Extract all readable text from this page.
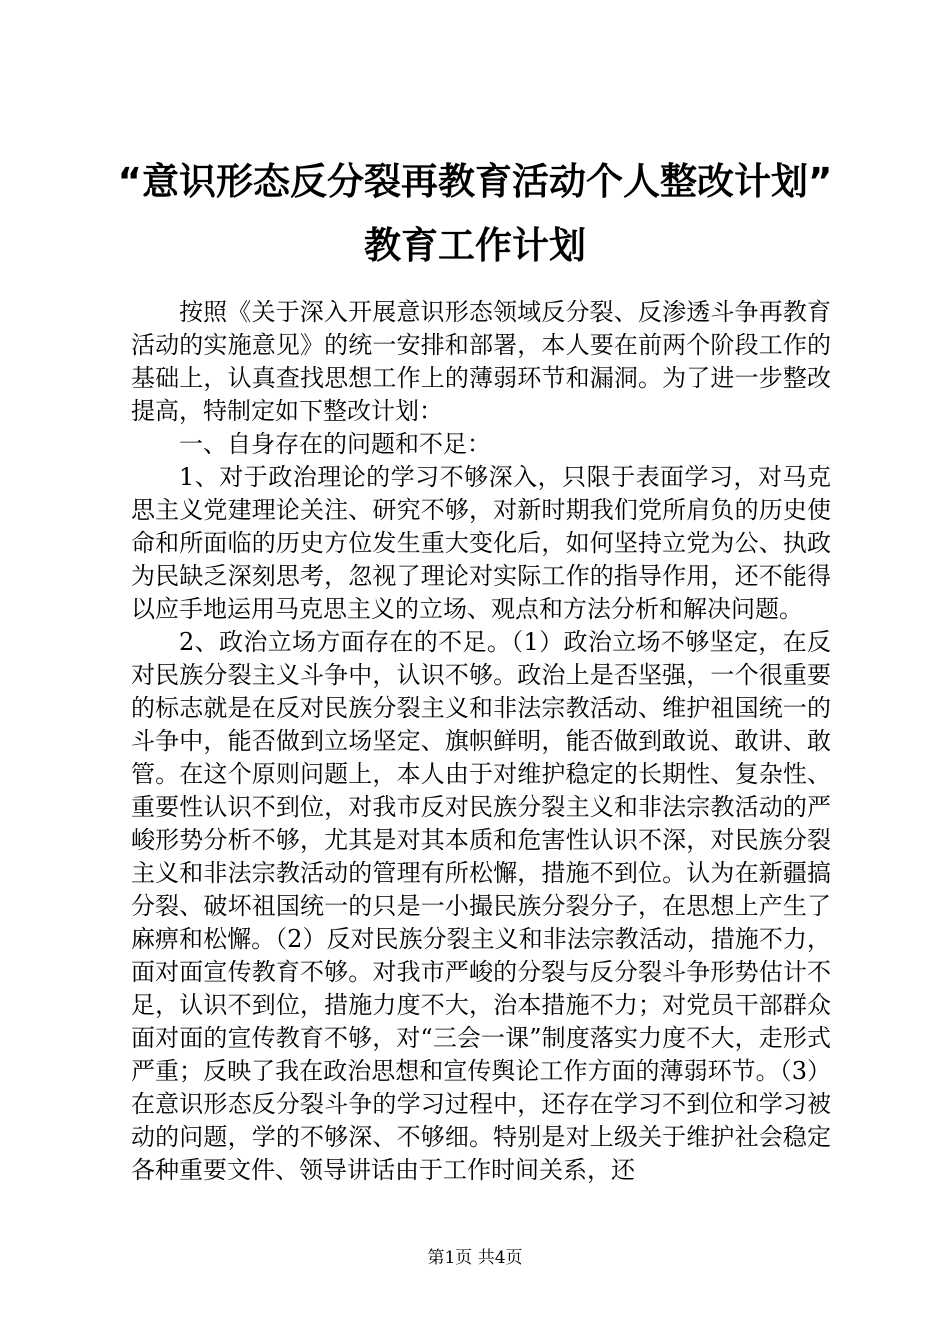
“意识形态反分裂再教育活动个人整改计划”
教育工作计划

按照《关于深入开展意识形态领域反分裂、反渗透斗争再教育活动的实施意见》的统一安排和部署，本人要在前两个阶段工作的基础上，认真查找思想工作上的薄弱环节和漏洞。为了进一步整改提高，特制定如下整改计划：

一、自身存在的问题和不足：

1、对于政治理论的学习不够深入，只限于表面学习，对马克思主义党建理论关注、研究不够，对新时期我们党所肩负的历史使命和所面临的历史方位发生重大变化后，如何坚持立党为公、执政为民缺乏深刻思考，忽视了理论对实际工作的指导作用，还不能得以应手地运用马克思主义的立场、观点和方法分析和解决问题。

2、政治立场方面存在的不足。（1）政治立场不够坚定，在反对民族分裂主义斗争中，认识不够。政治上是否坚强，一个很重要的标志就是在反对民族分裂主义和非法宗教活动、维护祖国统一的斗争中，能否做到立场坚定、旗帜鲜明，能否做到敢说、敢讲、敢管。在这个原则问题上，本人由于对维护稳定的长期性、复杂性、重要性认识不到位，对我市反对民族分裂主义和非法宗教活动的严峻形势分析不够，尤其是对其本质和危害性认识不深，对民族分裂主义和非法宗教活动的管理有所松懈，措施不到位。认为在新疆搞分裂、破坏祖国统一的只是一小撮民族分裂分子，在思想上产生了麻痹和松懈。（2）反对民族分裂主义和非法宗教活动，措施不力，面对面宣传教育不够。对我市严峻的分裂与反分裂斗争形势估计不足，认识不到位，措施力度不大，治本措施不力；对党员干部群众面对面的宣传教育不够，对“三会一课”制度落实力度不大，走形式严重；反映了我在政治思想和宣传舆论工作方面的薄弱环节。（3）在意识形态反分裂斗争的学习过程中，还存在学习不到位和学习被动的问题，学的不够深、不够细。特别是对上级关于维护社会稳定各种重要文件、领导讲话由于工作时间关系，还

第1页 共4页
